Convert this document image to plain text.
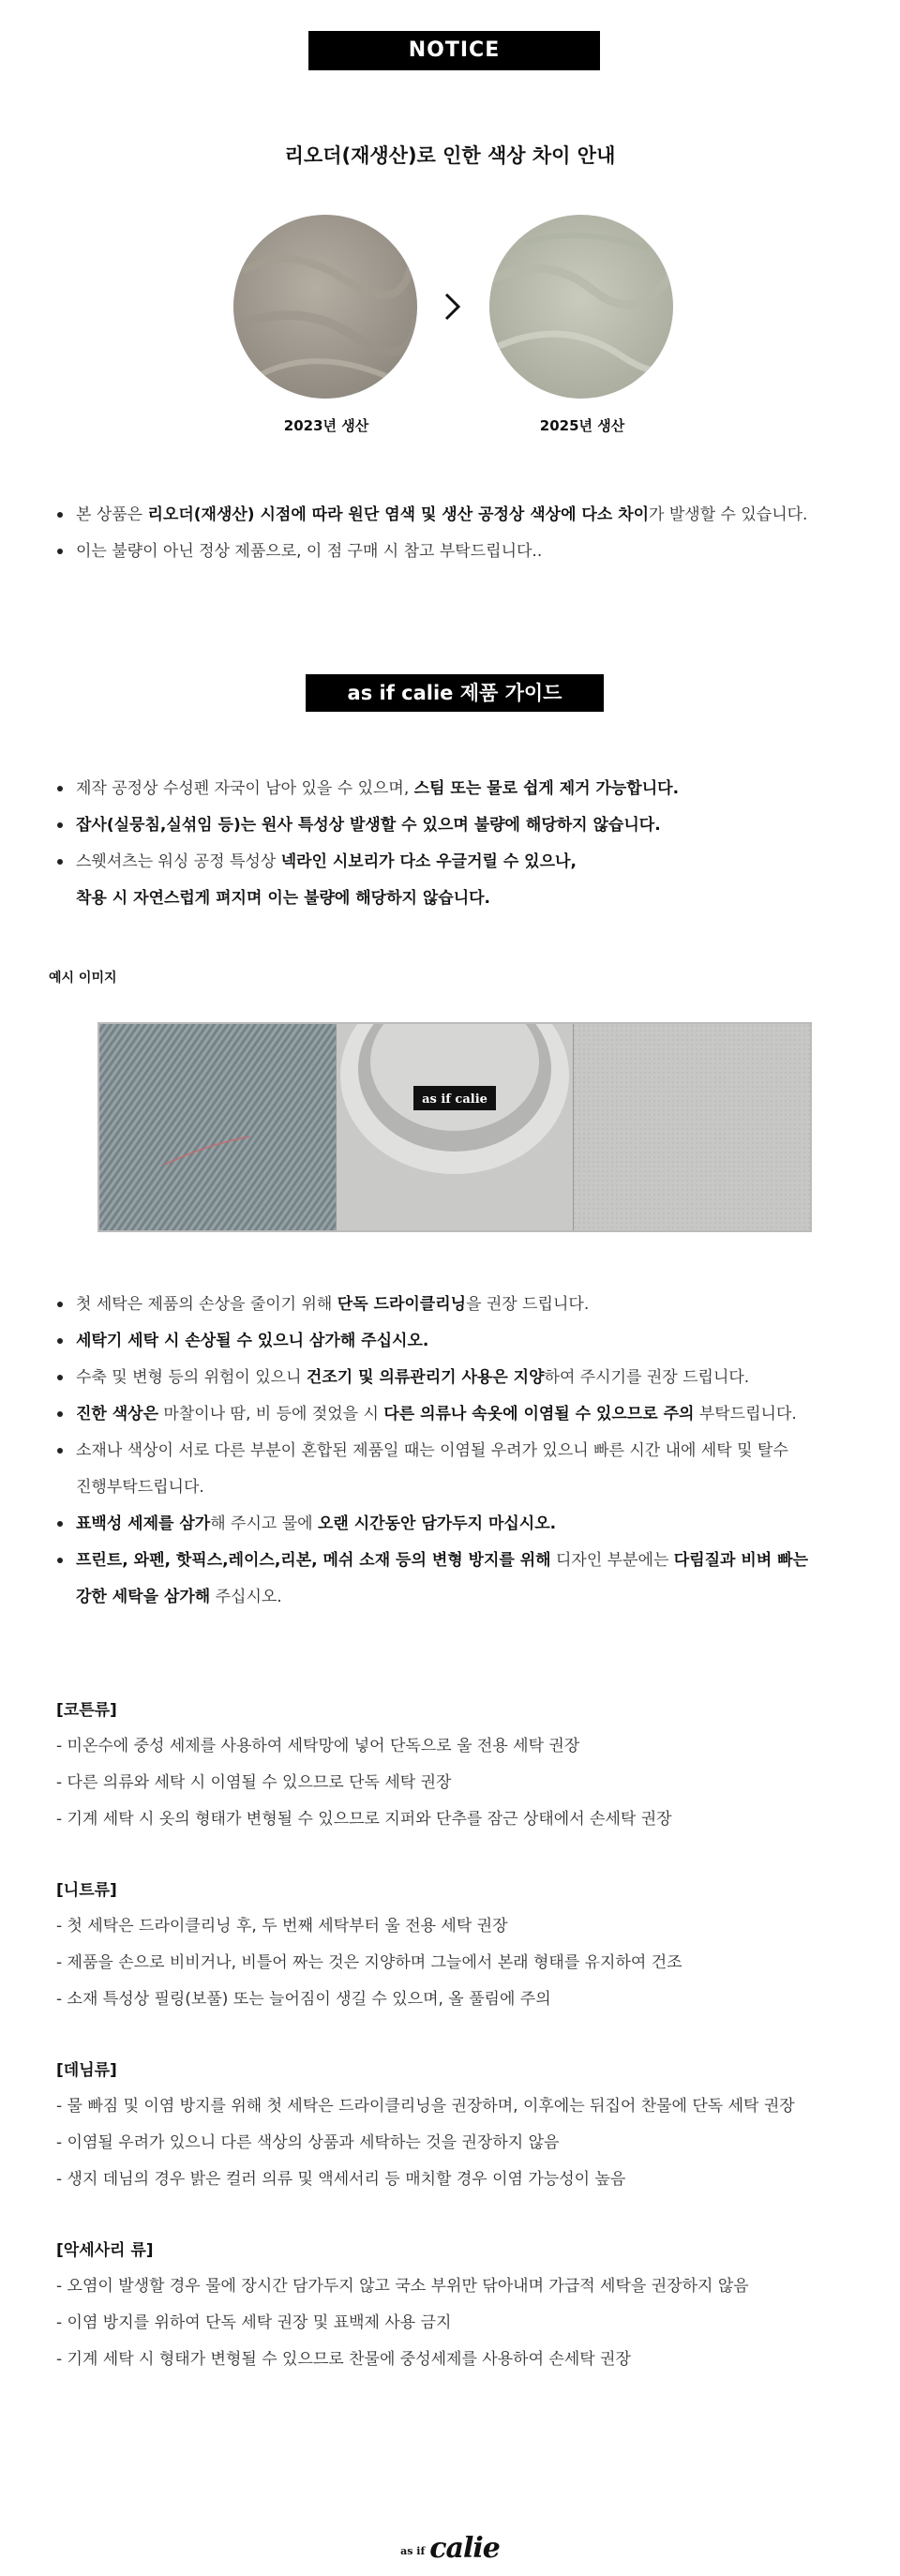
NOTICE
리오더(재생산)로 인한 색상 차이 안내
2023년 생산	2025년 생산
본 상품은 리오더(재생산) 시점에 따라 원단 염색 및 생산 공정상 색상에 다소 차이가 발생할 수 있습니다.
이는 불량이 아닌 정상 제품으로, 이 점 구매 시 참고 부탁드립니다..
as if calie 제품 가이드
제작 공정상 수성펜 자국이 남아 있을 수 있으며, 스팀 또는 물로 쉽게 제거 가능합니다.
잡사(실뭉침,실섞임 등)는 원사 특성상 발생할 수 있으며 불량에 해당하지 않습니다.
스웻셔츠는 워싱 공정 특성상 넥라인 시보리가 다소 우글거릴 수 있으나,
착용 시 자연스럽게 펴지며 이는 불량에 해당하지 않습니다.
예시 이미지
as if calie
첫 세탁은 제품의 손상을 줄이기 위해 단독 드라이클리닝을 권장 드립니다.
세탁기 세탁 시 손상될 수 있으니 삼가해 주십시오.
수축 및 변형 등의 위험이 있으니 건조기 및 의류관리기 사용은 지양하여 주시기를 권장 드립니다.
진한 색상은 마찰이나 땀, 비 등에 젖었을 시 다른 의류나 속옷에 이염될 수 있으므로 주의 부탁드립니다.
소재나 색상이 서로 다른 부분이 혼합된 제품일 때는 이염될 우려가 있으니 빠른 시간 내에 세탁 및 탈수
진행부탁드립니다.
표백성 세제를 삼가해 주시고 물에 오랜 시간동안 담가두지 마십시오.
프린트, 와펜, 핫픽스,레이스,리본, 메쉬 소재 등의 변형 방지를 위해 디자인 부분에는 다림질과 비벼 빠는
강한 세탁을 삼가해 주십시오.
[코튼류]
- 미온수에 중성 세제를 사용하여 세탁망에 넣어 단독으로 울 전용 세탁 권장
- 다른 의류와 세탁 시 이염될 수 있으므로 단독 세탁 권장
- 기계 세탁 시 옷의 형태가 변형될 수 있으므로 지퍼와 단추를 잠근 상태에서 손세탁 권장
[니트류]
- 첫 세탁은 드라이클리닝 후, 두 번째 세탁부터 울 전용 세탁 권장
- 제품을 손으로 비비거나, 비틀어 짜는 것은 지양하며 그늘에서 본래 형태를 유지하여 건조
- 소재 특성상 필링(보풀) 또는 늘어짐이 생길 수 있으며, 올 풀림에 주의
[데님류]
- 물 빠짐 및 이염 방지를 위해 첫 세탁은 드라이클리닝을 권장하며, 이후에는 뒤집어 찬물에 단독 세탁 권장
- 이염될 우려가 있으니 다른 색상의 상품과 세탁하는 것을 권장하지 않음
- 생지 데님의 경우 밝은 컬러 의류 및 액세서리 등 매치할 경우 이염 가능성이 높음
[악세사리 류]
- 오염이 발생할 경우 물에 장시간 담가두지 않고 국소 부위만 닦아내며 가급적 세탁을 권장하지 않음
- 이염 방지를 위하여 단독 세탁 권장 및 표백제 사용 금지
- 기계 세탁 시 형태가 변형될 수 있으므로 찬물에 중성세제를 사용하여 손세탁 권장
as if calie
